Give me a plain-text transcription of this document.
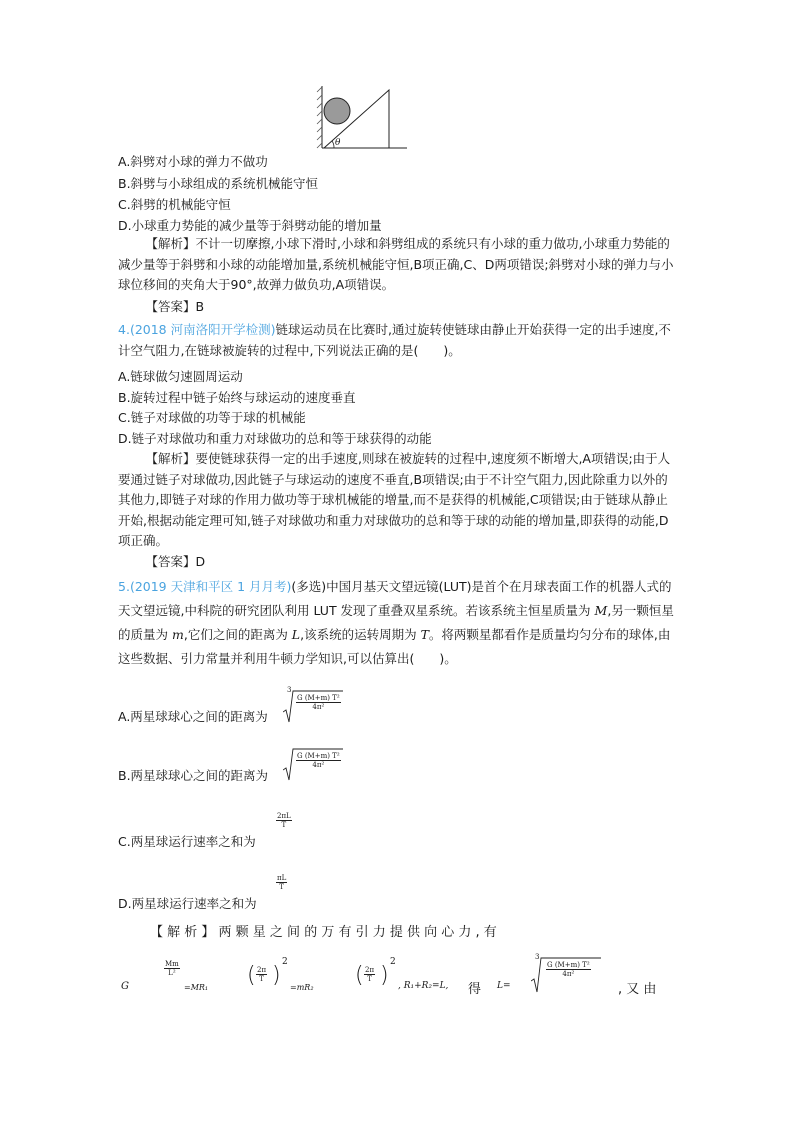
θ
A.斜劈对小球的弹力不做功
B.斜劈与小球组成的系统机械能守恒
C.斜劈的机械能守恒
D.小球重力势能的减少量等于斜劈动能的增加量
【解析】不计一切摩擦,小球下滑时,小球和斜劈组成的系统只有小球的重力做功,小球重力势能的减少量等于斜劈和小球的动能增加量,系统机械能守恒,B项正确,C、D两项错误;斜劈对小球的弹力与小球位移间的夹角大于90°,故弹力做负功,A项错误。
【答案】B
4.(2018 河南洛阳开学检测)链球运动员在比赛时,通过旋转使链球由静止开始获得一定的出手速度,不计空气阻力,在链球被旋转的过程中,下列说法正确的是(　　)。
A.链球做匀速圆周运动
B.旋转过程中链子始终与球运动的速度垂直
C.链子对球做的功等于球的机械能
D.链子对球做功和重力对球做功的总和等于球获得的动能
【解析】要使链球获得一定的出手速度,则球在被旋转的过程中,速度须不断增大,A项错误;由于人要通过链子对球做功,因此链子与球运动的速度不垂直,B项错误;由于不计空气阻力,因此除重力以外的其他力,即链子对球的作用力做功等于球机械能的增量,而不是获得的机械能,C项错误;由于链球从静止开始,根据动能定理可知,链子对球做功和重力对球做功的总和等于球的动能的增加量,即获得的动能,D项正确。
【答案】D
5.(2019 天津和平区 1 月月考)(多选)中国月基天文望远镜(LUT)是首个在月球表面工作的机器人式的天文望远镜,中科院的研究团队利用 LUT 发现了重叠双星系统。若该系统主恒星质量为 M,另一颗恒星的质量为 m,它们之间的距离为 L,该系统的运转周期为 T。将两颗星都看作是质量均匀分布的球体,由这些数据、引力常量并利用牛顿力学知识,可以估算出(　　)。
A.两星球球心之间的距离为
3
$\frac{\text{G (M+m) T²}}{\text{4π²}}$
B.两星球球心之间的距离为
$\frac{\text{G (M+m) T²}}{\text{4π²}}$
C.两星球运行速率之和为
$\frac{2\pi L}{T}$
D.两星球运行速率之和为
$\frac{\pi L}{T}$
【 解 析 】 两 颗 星 之 间 的 万 有 引 力 提 供 向 心 力 , 有
G
$\frac{Mm}{\text{L²}}$
=MR₁ ( $\frac{2\pi}{T}$ )
2
=mR₂ ( $\frac{2\pi}{T}$ )
2
, R₁+R₂=L, 得 L=
3
$\frac{\text{G (M+m) T²}}{\text{4π²}}$
, 又 由
